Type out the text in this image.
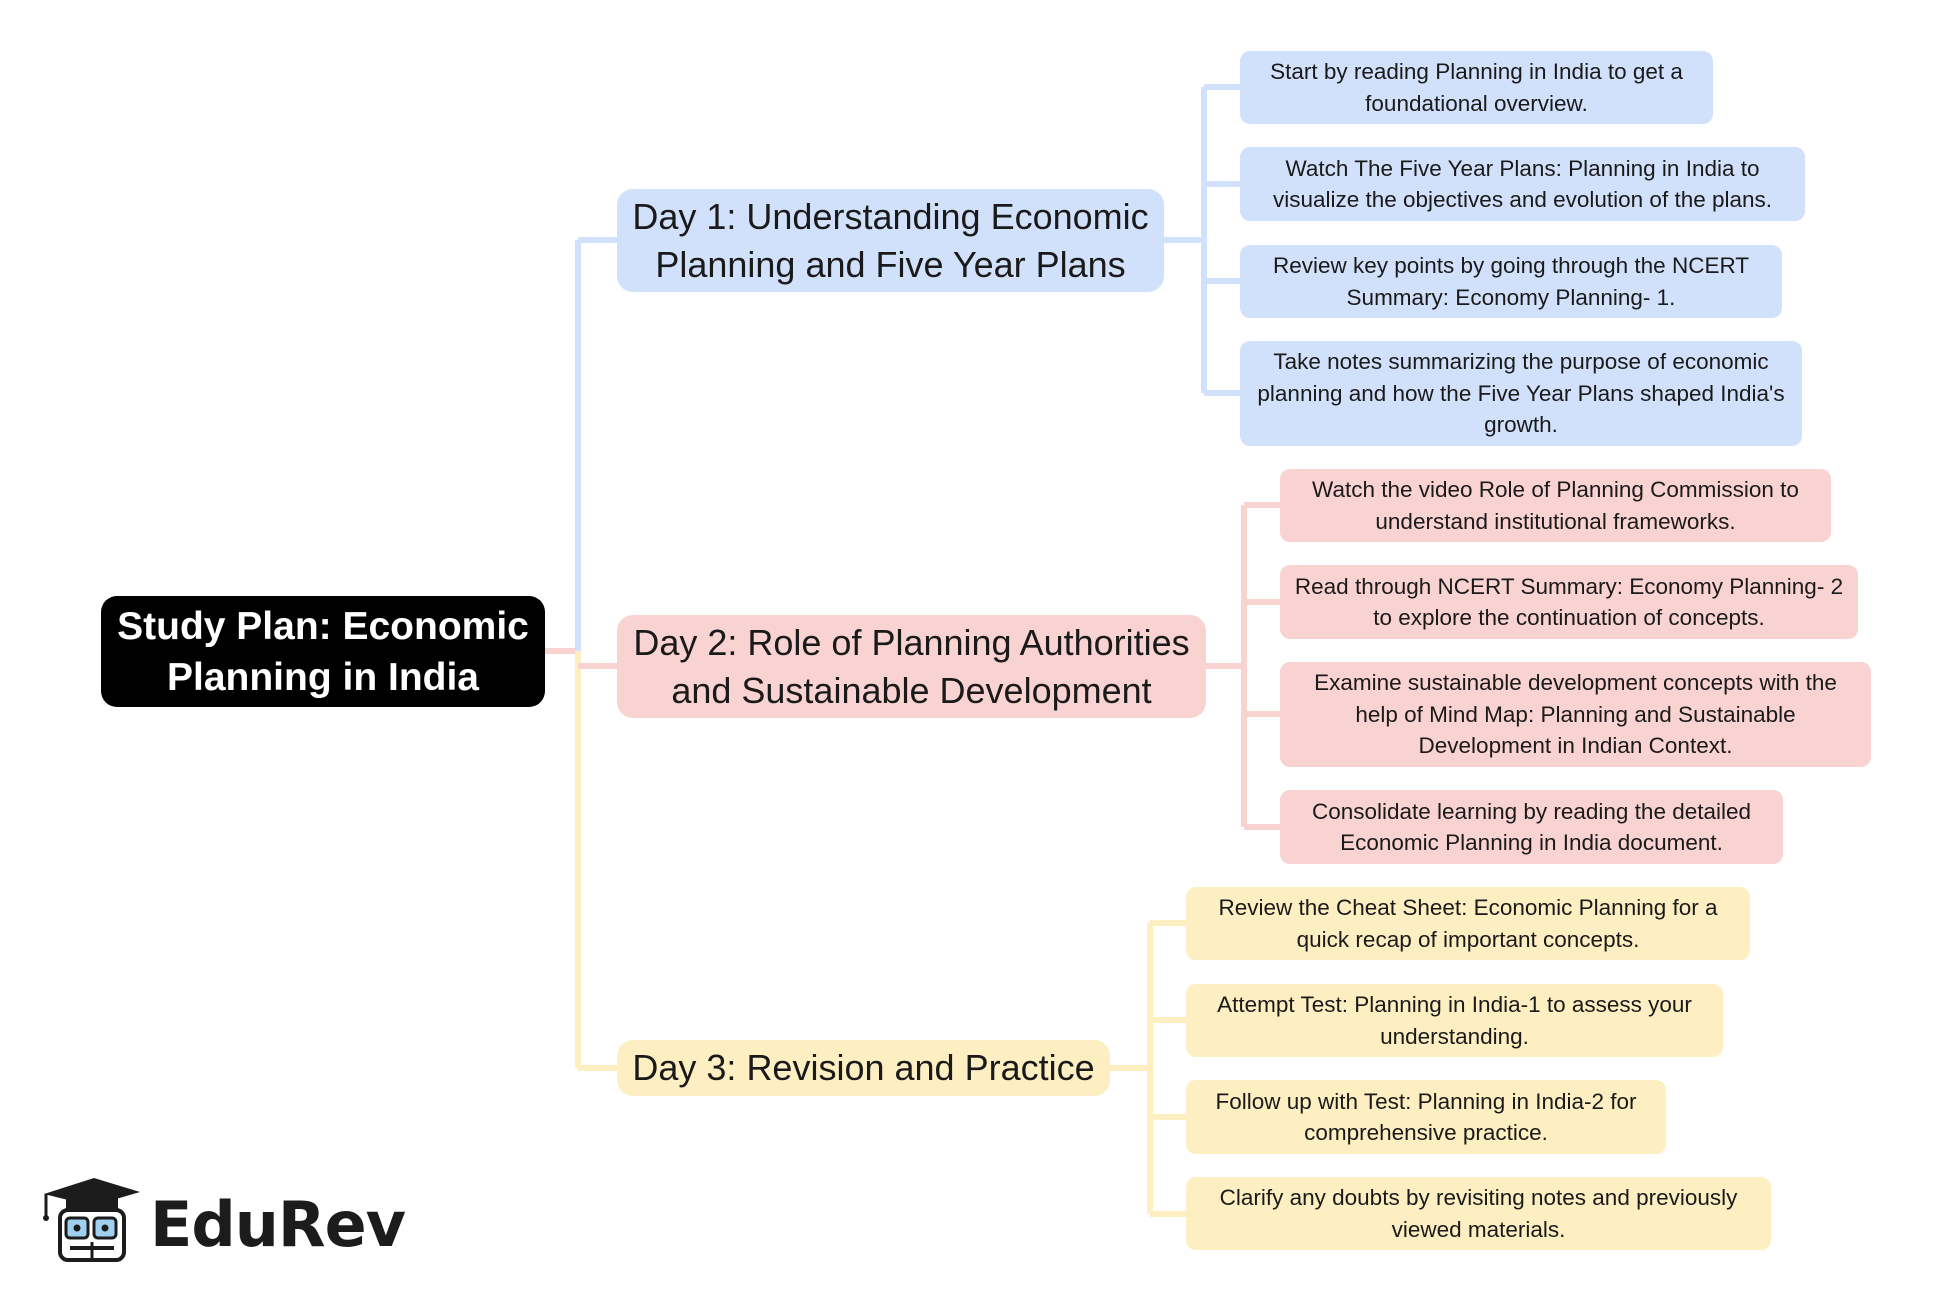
Study Plan: Economic Planning in India
Day 1: Understanding Economic Planning and Five Year Plans
Start by reading Planning in India to get a foundational overview.
Watch The Five Year Plans: Planning in India to visualize the objectives and evolution of the plans.
Review key points by going through the NCERT Summary: Economy Planning- 1.
Take notes summarizing the purpose of economic planning and how the Five Year Plans shaped India's growth.
Day 2: Role of Planning Authorities and Sustainable Development
Watch the video Role of Planning Commission to understand institutional frameworks.
Read through NCERT Summary: Economy Planning- 2 to explore the continuation of concepts.
Examine sustainable development concepts with the help of Mind Map: Planning and Sustainable Development in Indian Context.
Consolidate learning by reading the detailed Economic Planning in India document.
Day 3: Revision and Practice
Review the Cheat Sheet: Economic Planning for a quick recap of important concepts.
Attempt Test: Planning in India-1 to assess your understanding.
Follow up with Test: Planning in India-2 for comprehensive practice.
Clarify any doubts by revisiting notes and previously viewed materials.
EduRev
